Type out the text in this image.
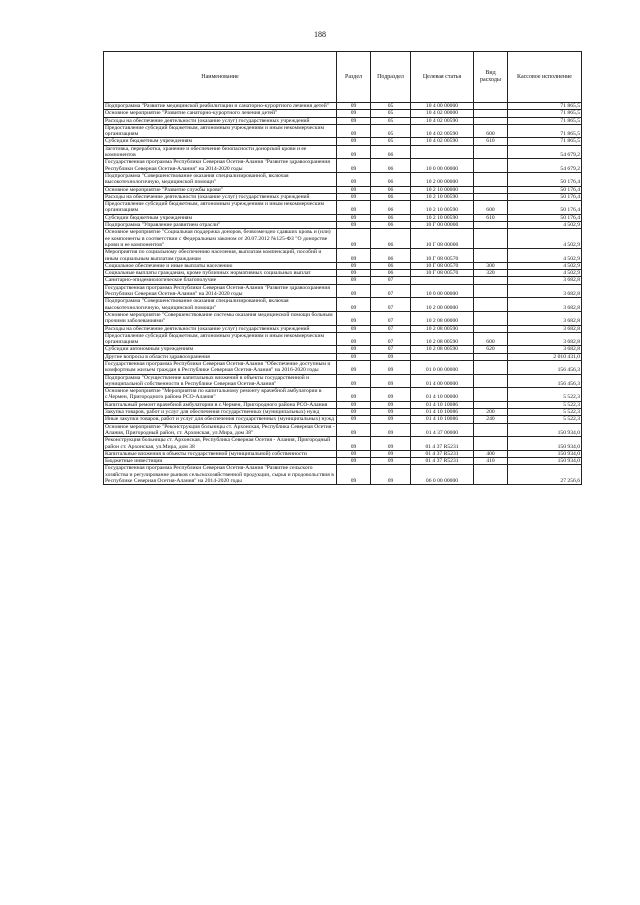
188
Наименование	Раздел	Подраздел	Целевая статья	Вид расходы	Кассовое исполнение
Подпрограмма "Развитие медицинской реабилитации и санаторно-курортного лечения детей"	09	05	10 4 00 00000		71 865,5
Основное мероприятие "Развитие санаторно-курортного лечения детей"	09	05	10 4 02 00000		71 865,5
Расходы на обеспечение деятельности (оказание услуг) государственных учреждений	09	05	10 4 02 00590		71 865,5
Предоставление субсидий бюджетным, автономным учреждениям и иным некоммерческим организациям	09	05	10 4 02 00590	600	71 865,5
Субсидии бюджетным учреждениям	09	05	10 4 02 00590	610	71 865,5
Заготовка, переработка, хранение и обеспечение безопасности донорской крови и ее компонентов	09	06			54 679,2
Государственная программа Республики Северная Осетия-Алания "Развитие здравоохранения Республики Северная Осетия-Алания" на 2014-2020 годы	09	06	10 0 00 00000		54 679,2
Подпрограмма "Совершенствование оказания специализированной, включая высокотехнологичную, медицинской помощи"	09	06	10 2 00 00000		50 176,4
Основное мероприятие "Развитие службы крови"	09	06	10 2 10 00000		50 176,4
Расходы на обеспечение деятельности (оказание услуг) государственных учреждений	09	06	10 2 10 00590		50 176,4
Предоставление субсидий бюджетным, автономным учреждениям и иным некоммерческим организациям	09	06	10 2 10 00590	600	50 176,4
Субсидии бюджетным учреждениям	09	06	10 2 10 00590	610	50 176,4
Подпрограмма "Управление развитием отрасли"	09	06	10 Г 00 00000		4 502,9
Основное мероприятие "Социальная поддержка доноров, безвозмездно сдавших кровь и (или) ее компоненты в соответствии с Федеральным законом от 20.07.2012 №125-ФЗ "О донорстве крови и ее компонентов"	09	06	10 Г 08 00000		4 502,9
Мероприятия по социальному обеспечению населения, выплатам компенсаций, пособий и иным социальным выплатам гражданам	09	06	10 Г 08 00570		4 502,9
Социальное обеспечение и иные выплаты населению	09	06	10 Г 08 00570	300	4 502,9
Социальные выплаты гражданам, кроме публичных нормативных социальных выплат	09	06	10 Г 08 00570	320	4 502,9
Санитарно-эпидемиологическое благополучие	09	07			3 682,8
Государственная программа Республики Северная Осетия-Алания "Развитие здравоохранения Республики Северная Осетия-Алания" на 2014-2020 годы	09	07	10 0 00 00000		3 682,8
Подпрограмма "Совершенствование оказания специализированной, включая высокотехнологичную, медицинской помощи"	09	07	10 2 00 00000		3 682,8
Основное мероприятие "Совершенствование системы оказания медицинской помощи больным прочими заболеваниями"	09	07	10 2 08 00000		3 682,8
Расходы на обеспечение деятельности (оказание услуг) государственных учреждений	09	07	10 2 08 00590		3 682,8
Предоставление субсидий бюджетным, автономным учреждениям и иным некоммерческим организациям	09	07	10 2 08 00590	600	3 682,8
Субсидии автономным учреждениям	09	07	10 2 08 00590	620	3 682,8
Другие вопросы в области здравоохранения	09	09			2 010 431,0
Государственная программа Республики Северная Осетия-Алания "Обеспечение доступным и комфортным жильем граждан в Республике Северная Осетия-Алания" на 2016-2020 годы	09	09	01 0 00 00000		156 456,3
Подпрограмма "Осуществление капитальных вложений в объекты государственной и муниципальной собственности в Республике Северная Осетия-Алания"	09	09	01 4 00 00000		156 456,3
Основное мероприятие "Мероприятия по капитальному ремонту врачебной амбулатории в с.Чермен, Пригородного района РСО-Алания"	09	09	01 4 10 00000		5 522,3
Капитальный ремонт врачебной амбулатории в с.Чермен, Пригородного района РСО-Алания	09	09	01 4 10 10086		5 522,3
Закупка товаров, работ и услуг для обеспечения государственных (муниципальных) нужд	09	09	01 4 10 10086	200	5 522,3
Иные закупки товаров, работ и услуг для обеспечения государственных (муниципальных) нужд	09	09	01 4 10 10086	240	5 522,3
Основное мероприятие "Реконструкция больницы ст. Архонская, Республика Северная Осетия - Алания, Пригородный район, ст. Архонская, ул.Мира, дом 38"	09	09	01 4 37 00000		150 934,0
Реконструкция больницы ст. Архонская, Республика Северная Осетия - Алания, Пригородный район ст. Архонская, ул.Мира, дом 38	09	09	01 4 37 R5231		150 934,0
Капитальные вложения в объекты государственной (муниципальной) собственности	09	09	01 4 37 R5231	400	150 934,0
Бюджетные инвестиции	09	09	01 4 37 R5231	410	150 934,0
Государственная программа Республики Северная Осетия-Алания "Развитие сельского хозяйства и регулирование рынков сельскохозяйственной продукции, сырья и продовольствия в Республике Северная Осетия-Алания" на 2014-2020 годы	09	09	06 0 00 00000		27 256,6
